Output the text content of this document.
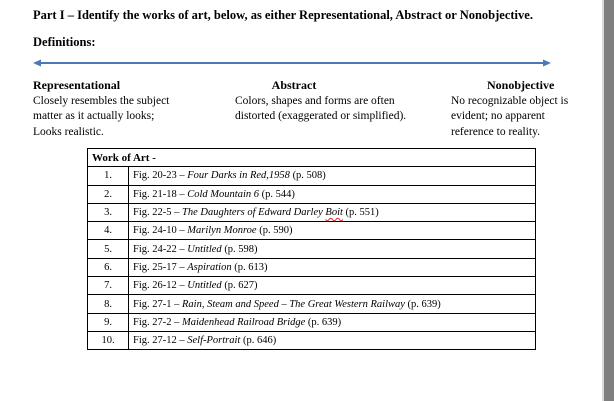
Part I – Identify the works of art, below, as either Representational, Abstract or Nonobjective.
Definitions:
Representational
Closely resembles the subject
matter as it actually looks;
Looks realistic.
Abstract
Colors, shapes and forms are often
distorted (exaggerated or simplified).
Nonobjective
No recognizable object is
evident; no apparent
reference to reality.
Work of Art -	
1.	Fig. 20-23 – Four Darks in Red,1958 (p. 508)
2.	Fig. 21-18 – Cold Mountain 6 (p. 544)
3.	Fig. 22-5 – The Daughters of Edward Darley Boit (p. 551)
4.	Fig. 24-10 – Marilyn Monroe (p. 590)
5.	Fig. 24-22 – Untitled (p. 598)
6.	Fig. 25-17 – Aspiration (p. 613)
7.	Fig. 26-12 – Untitled (p. 627)
8.	Fig. 27-1 – Rain, Steam and Speed – The Great Western Railway (p. 639)
9.	Fig. 27-2 – Maidenhead Railroad Bridge (p. 639)
10.	Fig. 27-12 – Self-Portrait (p. 646)
